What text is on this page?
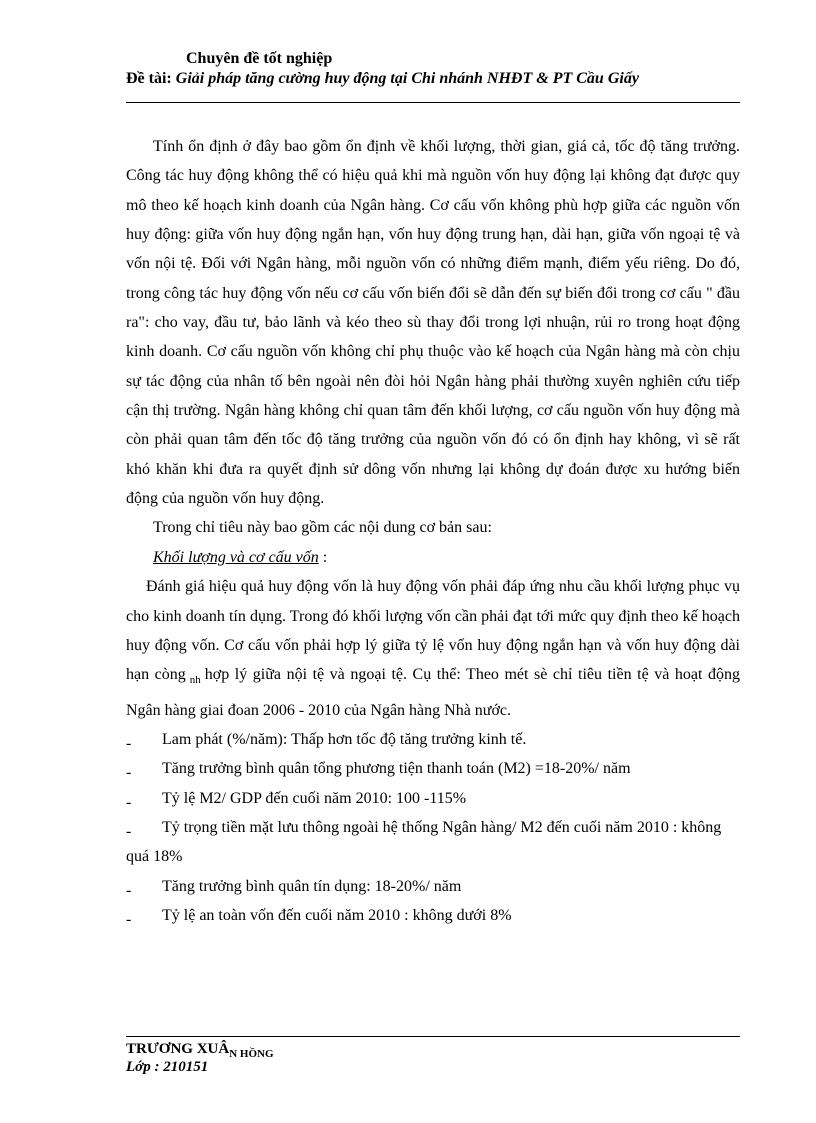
Chuyên đề tốt nghiệp
Đề tài: Giải pháp tăng cường huy động tại Chi nhánh NHĐT & PT Cầu Giấy

Tính ổn định ở đây bao gồm ổn định về khối lượng, thời gian, giá cả, tốc độ tăng trưởng. Công tác huy động không thể có hiệu quả khi mà nguồn vốn huy động lại không đạt được quy mô theo kế hoạch kinh doanh của Ngân hàng. Cơ cấu vốn không phù hợp giữa các nguồn vốn huy động: giữa vốn huy động ngắn hạn, vốn huy động trung hạn, dài hạn, giữa vốn ngoại tệ và vốn nội tệ. Đối với Ngân hàng, mỗi nguồn vốn có những điểm mạnh, điểm yếu riêng. Do đó, trong công tác huy động vốn nếu cơ cấu vốn biến đổi sẽ dẫn đến sự biến đổi trong cơ cấu " đầu ra": cho vay, đầu tư, bảo lãnh và kéo theo sù thay đổi trong lợi nhuận, rủi ro trong hoạt động kinh doanh. Cơ cấu nguồn vốn không chỉ phụ thuộc vào kế hoạch của Ngân hàng mà còn chịu sự tác động của nhân tố bên ngoài nên đòi hỏi Ngân hàng phải thường xuyên nghiên cứu tiếp cận thị trường. Ngân hàng không chỉ quan tâm đến khối lượng, cơ cấu nguồn vốn huy động mà còn phải quan tâm đến tốc độ tăng trưởng của nguồn vốn đó có ổn định hay không, vì sẽ rất khó khăn khi đưa ra quyết định sử dông vốn nhưng lại không dự đoán được xu hướng biến động của nguồn vốn huy động.

Trong chỉ tiêu này bao gồm các nội dung cơ bản sau:

Khối lượng và cơ cấu vốn :

Đánh giá hiệu quả huy động vốn là huy động vốn phải đáp ứng nhu cầu khối lượng phục vụ cho kinh doanh tín dụng. Trong đó khối lượng vốn cần phải đạt tới mức quy định theo kế hoạch huy động vốn. Cơ cấu vốn phải hợp lý giữa tỷ lệ vốn huy động ngắn hạn và vốn huy động dài hạn còng $_{nh}$ hợp lý giữa nội tệ và ngoại tệ. Cụ thể: Theo mét sè chỉ tiêu tiền tệ và hoạt động Ngân hàng giai đoan 2006 - 2010 của Ngân hàng Nhà nước.

- Lam phát (%/năm): Thấp hơn tốc độ tăng trưởng kinh tế.

- Tăng trưởng bình quân tổng phương tiện thanh toán (M2) =18-20%/ năm

- Tỷ lệ M2/ GDP đến cuối năm 2010: 100 -115%

- Tỷ trọng tiền mặt lưu thông ngoài hệ thống Ngân hàng/ M2 đến cuối năm 2010 : không quá 18%

- Tăng trưởng bình quân tín dụng: 18-20%/ năm

- Tỷ lệ an toàn vốn đến cuối năm 2010 : không dưới 8%

TRƯƠNG $XUÂ_{N HỒNG}$
Lớp : 210151
